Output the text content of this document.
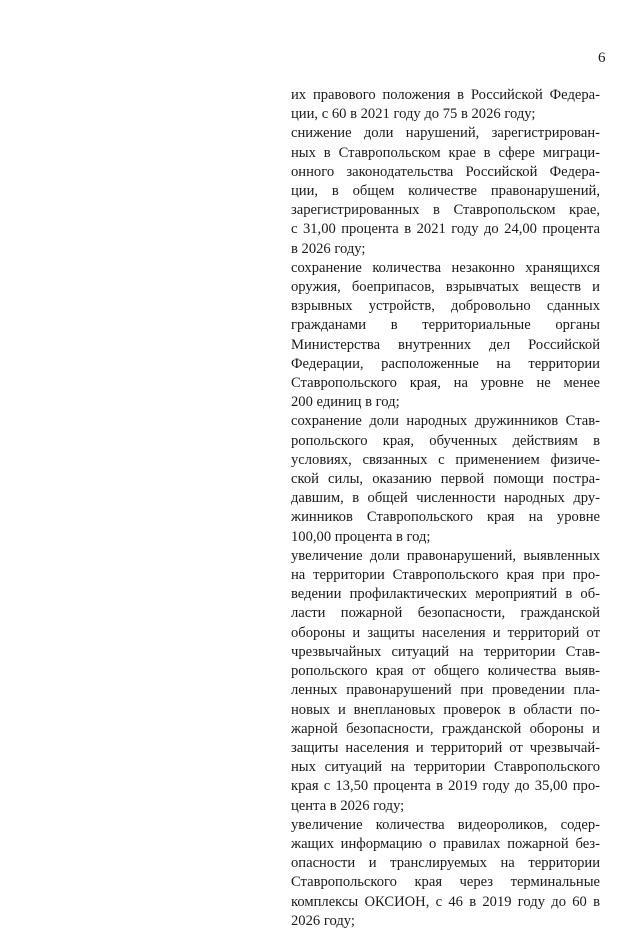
6

их правового положения в Российской Федера-
ции, с 60 в 2021 году до 75 в 2026 году;

снижение доли нарушений, зарегистрирован-
ных в Ставропольском крае в сфере миграци-
онного законодательства Российской Федера-
ции, в общем количестве правонарушений,
зарегистрированных в Ставропольском крае,
с 31,00 процента в 2021 году до 24,00 процента
в 2026 году;

сохранение количества незаконно хранящихся
оружия, боеприпасов, взрывчатых веществ и
взрывных устройств, добровольно сданных
гражданами в территориальные органы
Министерства внутренних дел Российской
Федерации, расположенные на территории
Ставропольского края, на уровне не менее
200 единиц в год;

сохранение доли народных дружинников Став-
ропольского края, обученных действиям в
условиях, связанных с применением физиче-
ской силы, оказанию первой помощи постра-
давшим, в общей численности народных дру-
жинников Ставропольского края на уровне
100,00 процента в год;

увеличение доли правонарушений, выявленных
на территории Ставропольского края при про-
ведении профилактических мероприятий в об-
ласти пожарной безопасности, гражданской
обороны и защиты населения и территорий от
чрезвычайных ситуаций на территории Став-
ропольского края от общего количества выяв-
ленных правонарушений при проведении пла-
новых и внеплановых проверок в области по-
жарной безопасности, гражданской обороны и
защиты населения и территорий от чрезвычай-
ных ситуаций на территории Ставропольского
края с 13,50 процента в 2019 году до 35,00 про-
цента в 2026 году;

увеличение количества видеороликов, содер-
жащих информацию о правилах пожарной без-
опасности и транслируемых на территории
Ставропольского края через терминальные
комплексы ОКСИОН, с 46 в 2019 году до 60 в
2026 году;
